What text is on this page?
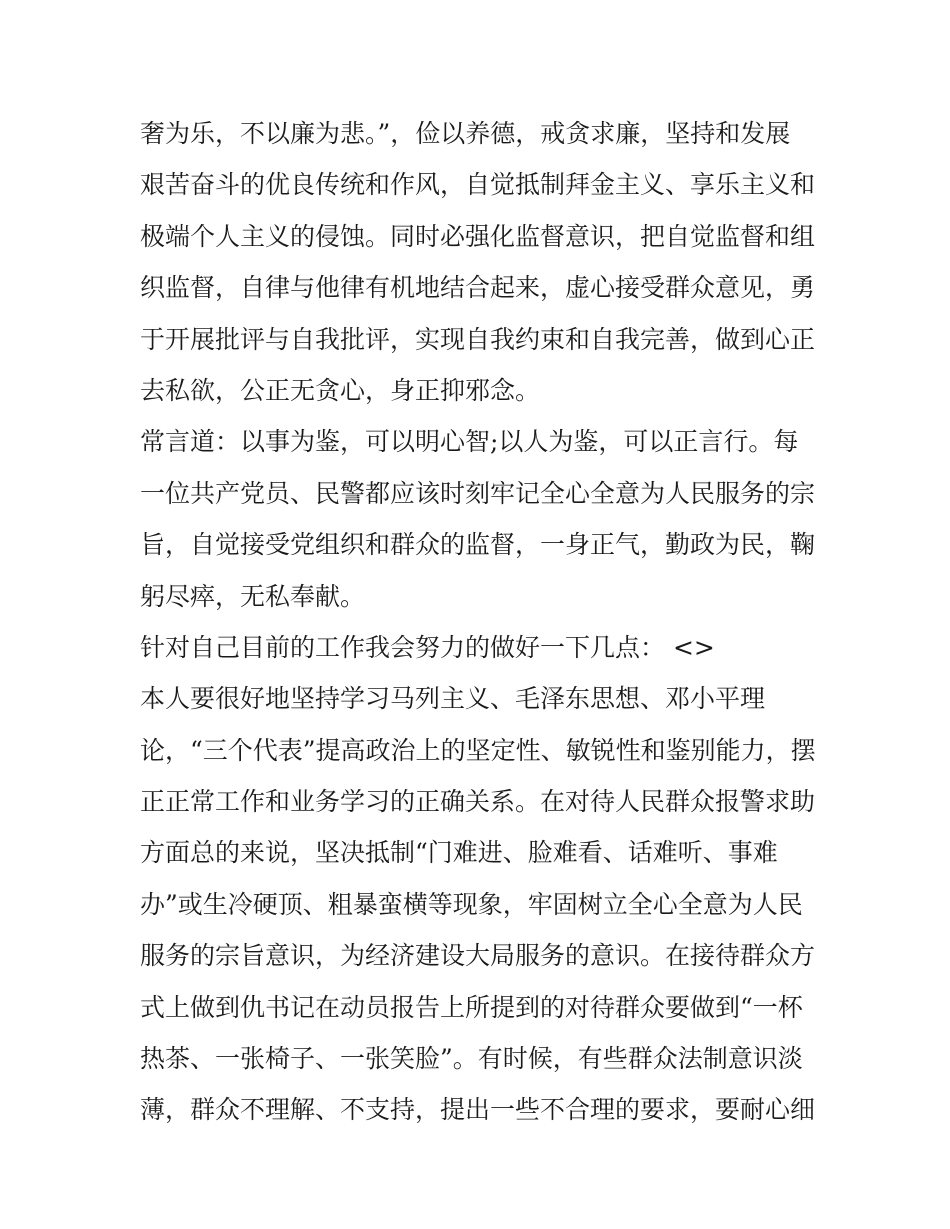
奢为乐，不以廉为悲。”，俭以养德，戒贪求廉，坚持和发展
艰苦奋斗的优良传统和作风，自觉抵制拜金主义、享乐主义和
极端个人主义的侵蚀。同时必强化监督意识，把自觉监督和组
织监督，自律与他律有机地结合起来，虚心接受群众意见，勇
于开展批评与自我批评，实现自我约束和自我完善，做到心正
去私欲，公正无贪心，身正抑邪念。
常言道：以事为鉴，可以明心智;以人为鉴，可以正言行。每
一位共产党员、民警都应该时刻牢记全心全意为人民服务的宗
旨，自觉接受党组织和群众的监督，一身正气，勤政为民，鞠
躬尽瘁，无私奉献。
针对自己目前的工作我会努力的做好一下几点： <>
本人要很好地坚持学习马列主义、毛泽东思想、邓小平理
论，“三个代表”提高政治上的坚定性、敏锐性和鉴别能力，摆
正正常工作和业务学习的正确关系。在对待人民群众报警求助
方面总的来说，坚决抵制“门难进、脸难看、话难听、事难
办”或生冷硬顶、粗暴蛮横等现象，牢固树立全心全意为人民
服务的宗旨意识，为经济建设大局服务的意识。在接待群众方
式上做到仇书记在动员报告上所提到的对待群众要做到“一杯
热茶、一张椅子、一张笑脸”。有时候，有些群众法制意识淡
薄，群众不理解、不支持，提出一些不合理的要求，要耐心细
